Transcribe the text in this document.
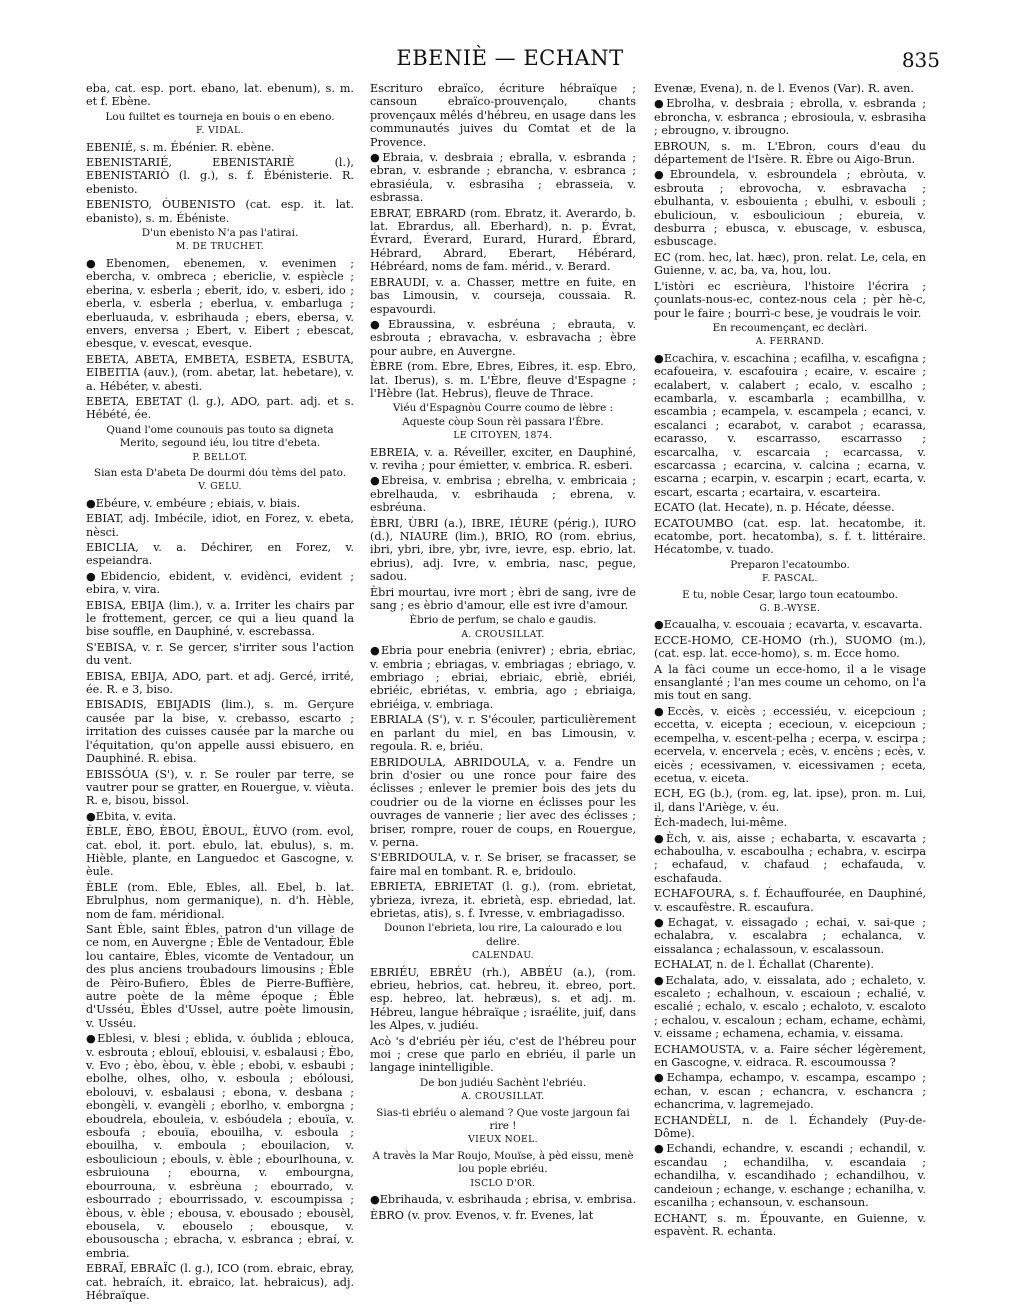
EBENIÈ — ECHANT	835

eba, cat. esp. port. ebano, lat. ebenum), s. m. et f. Ebène.

Lou fuiltet es tourneja en bouis o en ebeno.

F. VIDAL.

EBENIÉ, s. m. Ébénier. R. ebène.

EBENISTARIÉ, EBENISTARIÈ (l.), EBENISTARIÒ (l. g.), s. f. Ébénisterie. R. ebenisto.

EBENISTO, ÒUBENISTO (cat. esp. it. lat. ebanisto), s. m. Ébéniste.

D'un ebenisto N'a pas l'atirai.

M. DE TRUCHET.

●Ebenomen, ebenemen, v. evenimen ; ebercha, v. ombreca ; ebericlie, v. espiècle ; eberina, v. esberla ; eberit, ido, v. esberi, ido ; eberla, v. esberla ; eberlua, v. embarluga ; eberluauda, v. esbrihauda ; ebers, ebersa, v. envers, enversa ; Ebert, v. Eibert ; ebescat, ebesque, v. evescat, evesque.

EBETA, ABETA, EMBETA, ESBETA, ESBUTA, EIBEITIA (auv.), (rom. abetar, lat. hebetare), v. a. Hébéter, v. abesti.

EBETA, EBETAT (l. g.), ADO, part. adj. et s. Hébété, ée.

Quand l'ome counouis pas touto sa digneta Merito, segound iéu, lou titre d'ebeta.

P. BELLOT.

Sian esta D'abeta De dourmi dóu tèms del pato.

V. GELU.

●Ebéure, v. embéure ; ebiais, v. biais.

EBIAT, adj. Imbécile, idiot, en Forez, v. ebeta, nèsci.

EBICLIA, v. a. Déchirer, en Forez, v. espeiandra.

●Ebidencio, ebident, v. evidènci, evident ; ebira, v. vira.

EBISA, EBIJA (lim.), v. a. Irriter les chairs par le frottement, gercer, ce qui a lieu quand la bise souffle, en Dauphiné, v. escrebassa.

S'EBISA, v. r. Se gercer, s'irriter sous l'action du vent.

EBISA, EBIJA, ADO, part. et adj. Gercé, irrité, ée. R. e 3, biso.

EBISADIS, EBIJADIS (lim.), s. m. Gerçure causée par la bise, v. crebasso, escarto ; irritation des cuisses causée par la marche ou l'équitation, qu'on appelle aussi ebisuero, en Dauphiné. R. ebisa.

EBISSÓUA (S'), v. r. Se rouler par terre, se vautrer pour se gratter, en Rouergue, v. vièuta. R. e, bisou, bissol.

●Ebita, v. evita.

ÈBLE, ÈBO, ÈBOU, ÈBOUL, ÈUVO (rom. evol, cat. ebol, it. port. ebulo, lat. ebulus), s. m. Hièble, plante, en Languedoc et Gascogne, v. èule.

ÈBLE (rom. Eble, Ebles, all. Ebel, b. lat. Ebrulphus, nom germanique), n. d'h. Hèble, nom de fam. méridional.

Sant Èble, saint Èbles, patron d'un village de ce nom, en Auvergne ; Èble de Ventadour, Èble lou cantaire, Èbles, vicomte de Ventadour, un des plus anciens troubadours limousins ; Èble de Pèiro-Bufiero, Èbles de Pierre-Buffière, autre poète de la même époque ; Èble d'Usséu, Èbles d'Ussel, autre poète limousin, v. Usséu.

●Eblesi, v. blesi ; eblida, v. óublida ; eblouca, v. esbrouta ; eblouï, eblouisi, v. esbalausi ; Èbo, v. Evo ; èbo, èbou, v. èble ; ebobi, v. esbaubi ; ebolhe, olhes, olho, v. esboula ; ebólousi, ebolouvi, v. esbalausi ; ebona, v. desbana ; ebongèli, v. evangèli ; eborlho, v. emborgna ; eboudrela, ebouleia, v. esbóudela ; ebouïa, v. esboufa ; ebouïa, ebouilha, v. esboula ; ebouilha, v. emboula ; ebouilacion, v. esboulicioun ; ebouls, v. èble ; ebourlhouna, v. esbruiouna ; ebourna, v. embourgna, ebourrouna, v. esbrèuna ; ebourrado, v. esbourrado ; ebourrissado, v. escoumpissa ; èbous, v. èble ; ebousa, v. ebousado ; ebousèl, ebousela, v. ebouselo ; ebousque, v. ebousouscha ; ebracha, v. esbranca ; ebraí, v. embria.

EBRAÏ, EBRAÏC (l. g.), ICO (rom. ebraic, ebray, cat. hebraích, it. ebraico, lat. hebraicus), adj. Hébraïque.

Escrituro ebraïco, écriture hébraïque ; cansoun ebraïco-prouvençalo, chants provençaux mêlés d'hébreu, en usage dans les communautés juives du Comtat et de la Provence.

●Ebraia, v. desbraia ; ebralla, v. esbranda ; ebran, v. esbrande ; ebrancha, v. esbranca ; ebrasiéula, v. esbrasiha ; ebrasseia, v. esbrassa.

EBRAT, EBRARD (rom. Ebratz, it. Averardo, b. lat. Ebrardus, all. Eberhard), n. p. Évrat, Évrard, Éverard, Eurard, Hurard, Ébrard, Hébrard, Abrard, Eberart, Hébérard, Hébréard, noms de fam. mérid., v. Berard.

EBRAUDI, v. a. Chasser, mettre en fuite, en bas Limousin, v. courseja, coussaia. R. espavourdi.

●Ebraussina, v. esbréuna ; ebrauta, v. esbrouta ; ebravacha, v. esbravacha ; èbre pour aubre, en Auvergne.

ÈBRE (rom. Ebre, Ebres, Eibres, it. esp. Ebro, lat. Iberus), s. m. L'Èbre, fleuve d'Espagne ; l'Hèbre (lat. Hebrus), fleuve de Thrace.

Viéu d'Espagnòu Courre coumo de lèbre : Aqueste còup Soun rèi passara l'Èbre.

LE CITOYEN, 1874.

EBREIA, v. a. Réveiller, exciter, en Dauphiné, v. reviha ; pour émietter, v. embrica. R. esberi.

●Ebreisa, v. embrisa ; ebrelha, v. embricaia ; ebrelhauda, v. esbrihauda ; ebrena, v. esbréuna.

ÈBRI, ÙBRI (a.), IBRE, IÉURE (périg.), IURO (d.), NIAURE (lim.), BRIO, RO (rom. ebrius, ibri, ybri, ibre, ybr, ivre, ievre, esp. ebrio, lat. ebrius), adj. Ivre, v. embria, nasc, pegue, sadou.

Èbri mourtau, ivre mort ; èbri de sang, ivre de sang ; es èbrio d'amour, elle est ivre d'amour.

Èbrio de perfum, se chalo e gaudis.

A. CROUSILLAT.

●Ebria pour enebria (enivrer) ; ebria, ebriac, v. embria ; ebriagas, v. embriagas ; ebriago, v. embriago ; ebriai, ebriaic, ebriè, ebriéi, ebriéic, ebriétas, v. embria, ago ; ebriaiga, ebriéiga, v. embriaga.

EBRIALA (S'), v. r. S'écouler, particulièrement en parlant du miel, en bas Limousin, v. regoula. R. e, briéu.

EBRIDOULA, ABRIDOULA, v. a. Fendre un brin d'osier ou une ronce pour faire des éclisses ; enlever le premier bois des jets du coudrier ou de la viorne en éclisses pour les ouvrages de vannerie ; lier avec des éclisses ; briser, rompre, rouer de coups, en Rouergue, v. perna.

S'EBRIDOULA, v. r. Se briser, se fracasser, se faire mal en tombant. R. e, bridoulo.

EBRIETA, EBRIETAT (l. g.), (rom. ebrietat, ybrieza, ivreza, it. ebrietà, esp. ebriedad, lat. ebrietas, atis), s. f. Ivresse, v. embriagadisso.

Dounon l'ebrieta, lou rire, La calourado e lou delire.

CALENDAU.

EBRIÉU, EBRÉU (rh.), ABBÉU (a.), (rom. ebrieu, hebrios, cat. hebreu, it. ebreo, port. esp. hebreo, lat. hebræus), s. et adj. m. Hébreu, langue hébraïque ; israélite, juif, dans les Alpes, v. judiéu.

Acò 's d'ebriéu pèr iéu, c'est de l'hébreu pour moi ; crese que parlo en ebriéu, il parle un langage inintelligible.

De bon judiéu Sachènt l'ebriéu.

A. CROUSILLAT.

Sias-ti ebriéu o alemand ? Que voste jargoun fai rire !

VIEUX NOEL.

A travès la Mar Roujo, Mouïse, à pèd eissu, menè lou pople ebriéu.

ISCLO D'OR.

●Ebrihauda, v. esbrihauda ; ebrisa, v. embrisa.

ÈBRO (v. prov. Evenos, v. fr. Evenes, lat

Evenæ, Evena), n. de l. Evenos (Var). R. aven.

●Ebrolha, v. desbraia ; ebrolla, v. esbranda ; ebroncha, v. esbranca ; ebrosioula, v. esbrasiha ; ebrougno, v. ibrougno.

EBROUN, s. m. L'Ebron, cours d'eau du département de l'Isère. R. Èbre ou Aigo-Brun.

●Ebroundela, v. esbroundela ; ebròuta, v. esbrouta ; ebrovocha, v. esbravacha ; ebulhanta, v. esbouienta ; ebulhi, v. esbouli ; ebulicioun, v. esboulicioun ; ebureia, v. desburra ; ebusca, v. ebuscage, v. esbusca, esbuscage.

EC (rom. hec, lat. hæc), pron. relat. Le, cela, en Guienne, v. ac, ba, va, hou, lou.

L'istòri ec escrièura, l'histoire l'écrira ; çounlats-nous-ec, contez-nous cela ; pèr hè-c, pour le faire ; bourrì-c bese, je voudrais le voir.

En recoumençant, ec declàri.

A. FERRAND.

●Ecachira, v. escachina ; ecafilha, v. escafigna ; ecafoueira, v. escafouira ; ecaire, v. escaire ; ecalabert, v. calabert ; ecalo, v. escalho ; ecambarla, v. escambarla ; ecambillha, v. escambia ; ecampela, v. escampela ; ecanci, v. escalanci ; ecarabot, v. carabot ; ecarassa, ecarasso, v. escarrasso, escarrasso ; escarcalha, v. escarcaia ; ecarcassa, v. escarcassa ; ecarcina, v. calcina ; ecarna, v. escarna ; ecarpin, v. escarpin ; ecart, ecarta, v. escart, escarta ; ecartaira, v. escarteira.

ECATO (lat. Hecate), n. p. Hécate, déesse.

ECATOUMBO (cat. esp. lat. hecatombe, it. ecatombe, port. hecatomba), s. f. t. littéraire. Hécatombe, v. tuado.

Preparon l'ecatoumbo.

F. PASCAL.

E tu, noble Cesar, largo toun ecatoumbo.

G. B.-WYSE.

●Ecaualha, v. escouaia ; ecavarta, v. escavarta.

ECCE-HOMO, CE-HOMO (rh.), SUOMO (m.), (cat. esp. lat. ecce-homo), s. m. Ecce homo.

A la fàci coume un ecce-homo, il a le visage ensanglanté ; l'an mes coume un cehomo, on l'a mis tout en sang.

●Eccès, v. eicès ; eccessiéu, v. eicepcioun ; eccetta, v. eicepta ; ececioun, v. eicepcioun ; ecempelha, v. escent-pelha ; ecerpa, v. escirpa ; ecervela, v. encervela ; ecès, v. encèns ; ecès, v. eicès ; ecessivamen, v. eicessivamen ; eceta, ecetua, v. eiceta.

ECH, EG (b.), (rom. eg, lat. ipse), pron. m. Lui, il, dans l'Ariège, v. éu.

Èch-madech, lui-même.

●Èch, v. ais, aisse ; echabarta, v. escavarta ; echaboulha, v. escaboulha ; echabra, v. escirpa ; echafaud, v. chafaud ; echafauda, v. eschafauda.

ECHAFOURA, s. f. Échauffourée, en Dauphiné, v. escaufèstre. R. escaufura.

●Echagat, v. eissagado ; echai, v. sai-que ; echalabra, v. escalabra ; echalanca, v. eissalanca ; echalassoun, v. escalassoun.

ECHALAT, n. de l. Échallat (Charente).

●Echalata, ado, v. eissalata, ado ; echaleto, v. escaleto ; echalhoun, v. escaioun ; echalié, v. escalié ; echalo, v. escalo ; echaloto, v. escaloto ; echalou, v. escaloun ; echam, echame, echàmi, v. eissame ; echamena, echamia, v. eissama.

ECHAMOUSTA, v. a. Faire sécher légèrement, en Gascogne, v. eidraca. R. escoumoussa ?

●Echampa, echampo, v. escampa, escampo ; echan, v. escan ; echancra, v. eschancra ; echancrima, v. lagremejado.

ECHANDÈLI, n. de l. Échandely (Puy-de-Dôme).

●Echandi, echandre, v. escandi ; echandil, v. escandau ; echandilha, v. escandaia ; echandilha, v. escandihado ; echandilhou, v. candeioun ; echange, v. eschange ; echanilha, v. escanilha ; echansoun, v. eschansoun.

ECHANT, s. m. Épouvante, en Guienne, v. espavènt. R. echanta.
